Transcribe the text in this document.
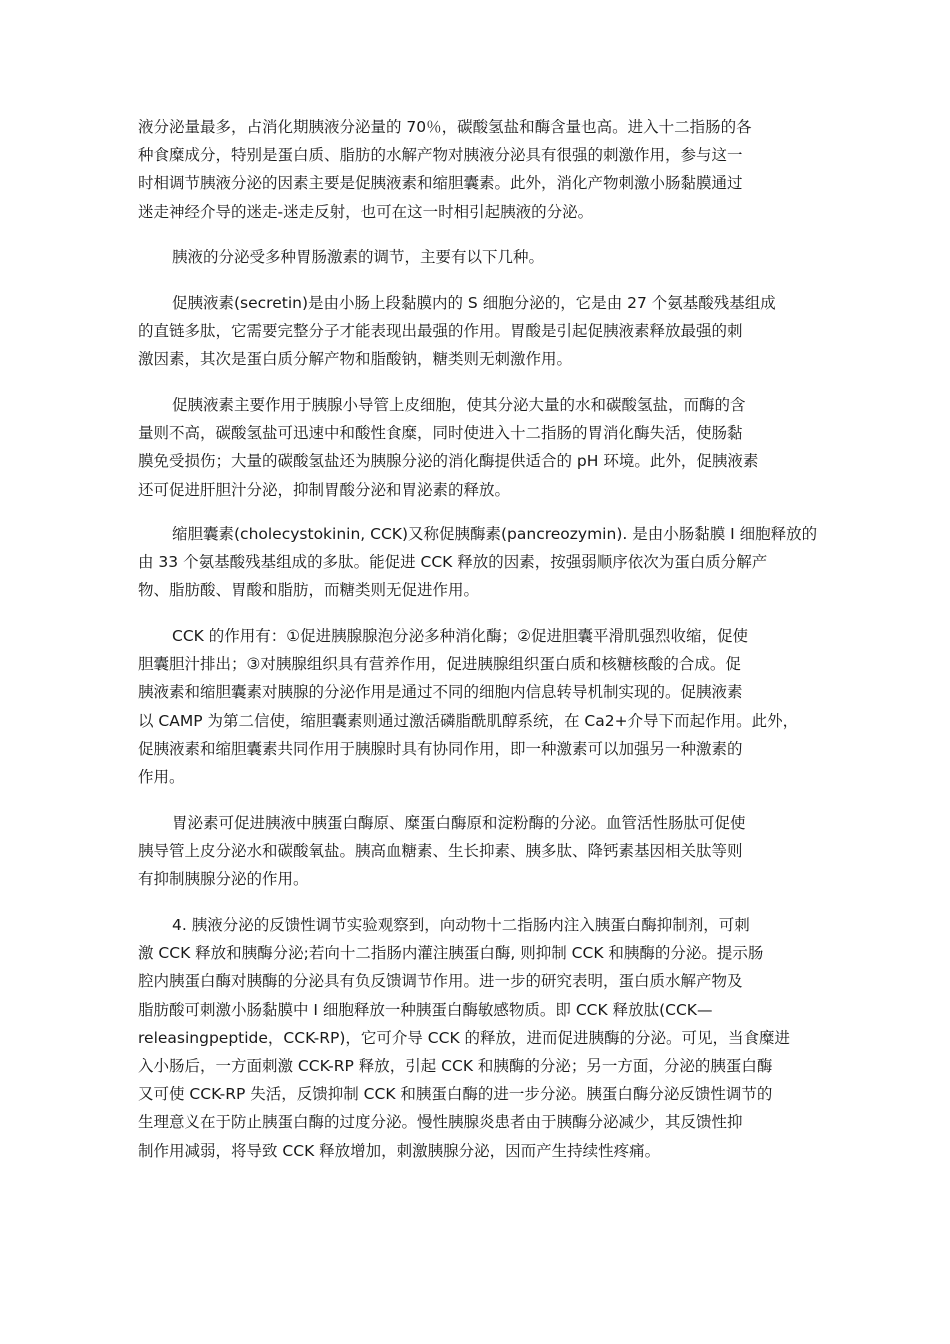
液分泌量最多，占消化期胰液分泌量的 70％，碳酸氢盐和酶含量也高。进入十二指肠的各
种食糜成分，特别是蛋白质、脂肪的水解产物对胰液分泌具有很强的刺激作用，参与这一
时相调节胰液分泌的因素主要是促胰液素和缩胆囊素。此外，消化产物刺激小肠黏膜通过
迷走神经介导的迷走-迷走反射，也可在这一时相引起胰液的分泌。

胰液的分泌受多种胃肠激素的调节，主要有以下几种。

促胰液素(secretin)是由小肠上段黏膜内的 S 细胞分泌的，它是由 27 个氨基酸残基组成
的直链多肽，它需要完整分子才能表现出最强的作用。胃酸是引起促胰液素释放最强的刺
激因素，其次是蛋白质分解产物和脂酸钠，糖类则无刺激作用。

促胰液素主要作用于胰腺小导管上皮细胞，使其分泌大量的水和碳酸氢盐，而酶的含
量则不高，碳酸氢盐可迅速中和酸性食糜，同时使进入十二指肠的胃消化酶失活，使肠黏
膜免受损伤；大量的碳酸氢盐还为胰腺分泌的消化酶提供适合的 pH 环境。此外，促胰液素
还可促进肝胆汁分泌，抑制胃酸分泌和胃泌素的释放。

缩胆囊素(cholecystokinin, CCK)又称促胰酶素(pancreozymin). 是由小肠黏膜 I 细胞释放的
由 33 个氨基酸残基组成的多肽。能促进 CCK 释放的因素，按强弱顺序依次为蛋白质分解产
物、脂肪酸、胃酸和脂肪，而糖类则无促进作用。

CCK 的作用有：①促进胰腺腺泡分泌多种消化酶；②促进胆囊平滑肌强烈收缩，促使
胆囊胆汁排出；③对胰腺组织具有营养作用，促进胰腺组织蛋白质和核糖核酸的合成。促
胰液素和缩胆囊素对胰腺的分泌作用是通过不同的细胞内信息转导机制实现的。促胰液素
以 CAMP 为第二信使，缩胆囊素则通过激活磷脂酰肌醇系统，在 Ca2+介导下而起作用。此外，
促胰液素和缩胆囊素共同作用于胰腺时具有协同作用，即一种激素可以加强另一种激素的
作用。

胃泌素可促进胰液中胰蛋白酶原、糜蛋白酶原和淀粉酶的分泌。血管活性肠肽可促使
胰导管上皮分泌水和碳酸氧盐。胰高血糖素、生长抑素、胰多肽、降钙素基因相关肽等则
有抑制胰腺分泌的作用。

4. 胰液分泌的反馈性调节实验观察到，向动物十二指肠内注入胰蛋白酶抑制剂，可刺
激 CCK 释放和胰酶分泌;若向十二指肠内灌注胰蛋白酶, 则抑制 CCK 和胰酶的分泌。提示肠
腔内胰蛋白酶对胰酶的分泌具有负反馈调节作用。进一步的研究表明，蛋白质水解产物及
脂肪酸可刺激小肠黏膜中 I 细胞释放一种胰蛋白酶敏感物质。即 CCK 释放肽(CCK—
releasingpeptide，CCK-RP)，它可介导 CCK 的释放，进而促进胰酶的分泌。可见，当食糜进
入小肠后，一方面刺激 CCK-RP 释放，引起 CCK 和胰酶的分泌；另一方面，分泌的胰蛋白酶
又可使 CCK-RP 失活，反馈抑制 CCK 和胰蛋白酶的进一步分泌。胰蛋白酶分泌反馈性调节的
生理意义在于防止胰蛋白酶的过度分泌。慢性胰腺炎患者由于胰酶分泌减少，其反馈性抑
制作用减弱，将导致 CCK 释放增加，刺激胰腺分泌，因而产生持续性疼痛。
